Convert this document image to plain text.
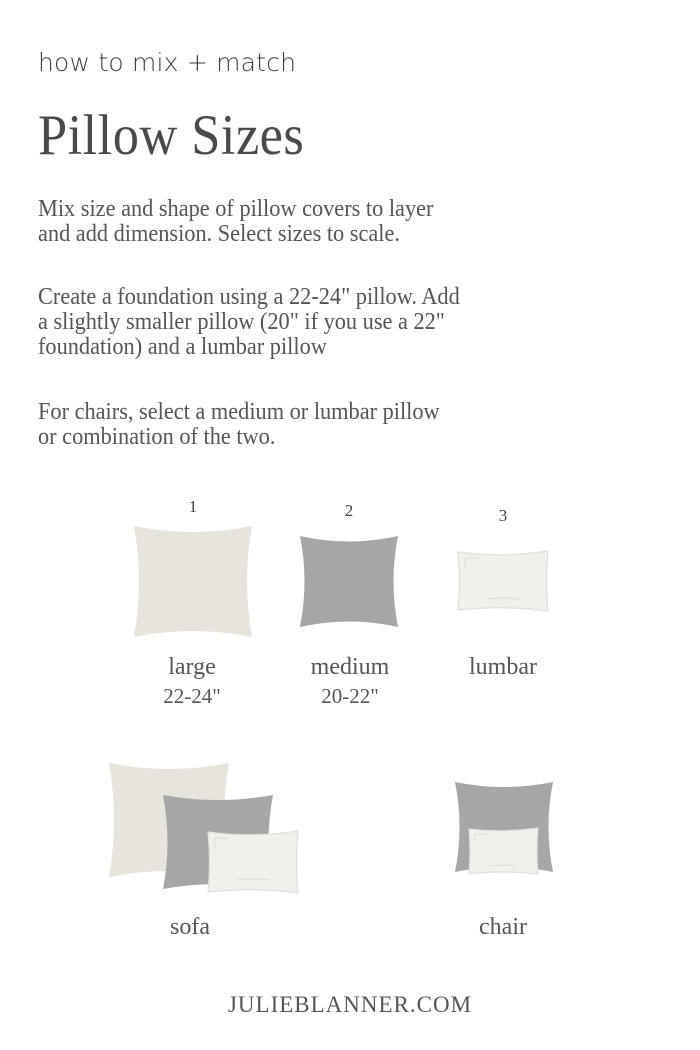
how to mix + match
Pillow Sizes
Mix size and shape of pillow covers to layer
and add dimension. Select sizes to scale.
Create a foundation using a 22-24" pillow. Add
a slightly smaller pillow (20" if you use a 22"
foundation) and a lumbar pillow
For chairs, select a medium or lumbar pillow
or combination of the two.
1	2	3
large
22-24"
medium
20-22"
lumbar
sofa	chair
JULIEBLANNER.COM
